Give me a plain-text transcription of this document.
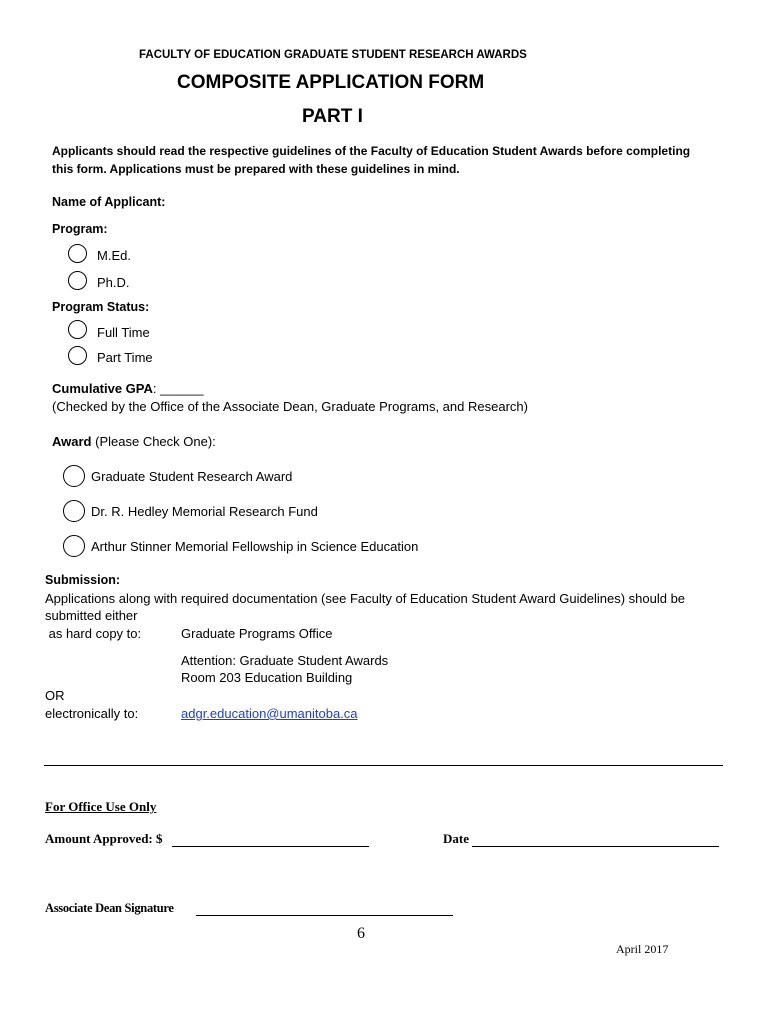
FACULTY OF EDUCATION GRADUATE STUDENT RESEARCH AWARDS
COMPOSITE APPLICATION FORM
PART I
Applicants should read the respective guidelines of the Faculty of Education Student Awards before completing
this form. Applications must be prepared with these guidelines in mind.
Name of Applicant:
Program:
M.Ed.
Ph.D.
Program Status:
Full Time
Part Time
Cumulative GPA: ______
(Checked by the Office of the Associate Dean, Graduate Programs, and Research)
Award (Please Check One):
Graduate Student Research Award
Dr. R. Hedley Memorial Research Fund
Arthur Stinner Memorial Fellowship in Science Education
Submission:
Applications along with required documentation (see Faculty of Education Student Award Guidelines) should be
submitted either
as hard copy to:	Graduate Programs Office
Attention: Graduate Student Awards
Room 203 Education Building
OR
electronically to:	adgr.education@umanitoba.ca
For Office Use Only
Amount Approved: $	Date
Associate Dean Signature
6
April 2017
